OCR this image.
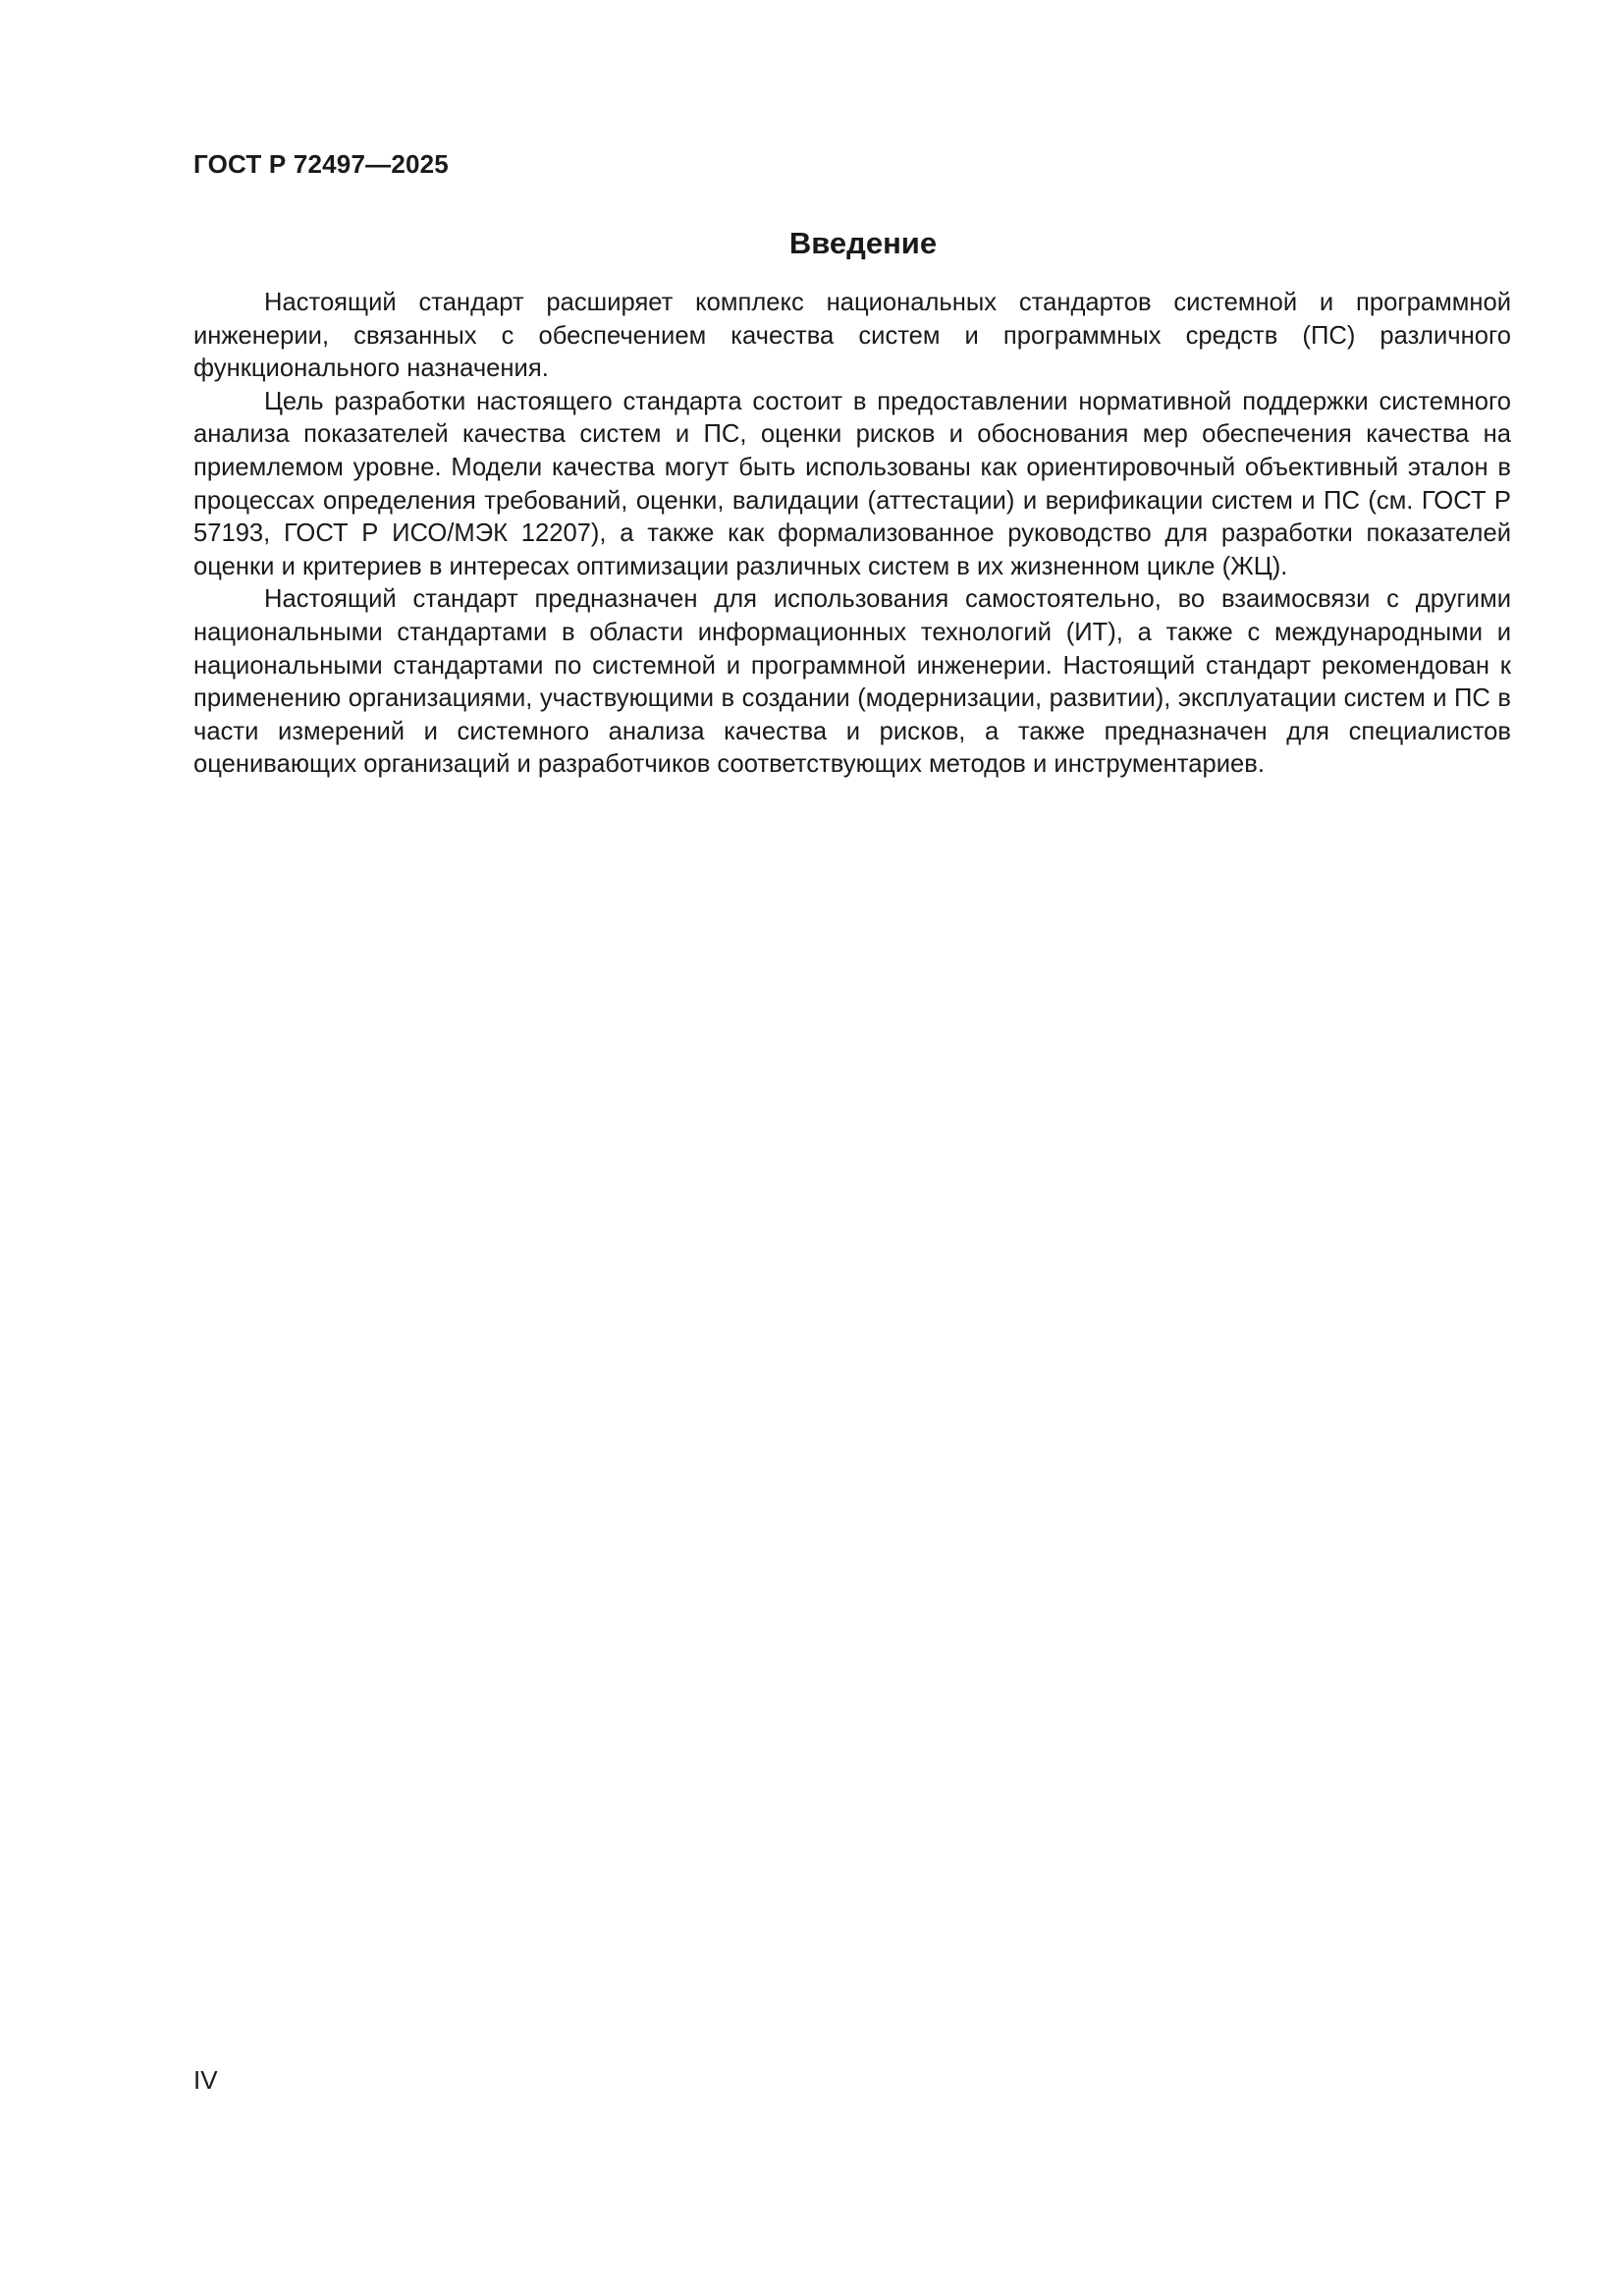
ГОСТ Р 72497—2025
Введение

Настоящий стандарт расширяет комплекс национальных стандартов системной и программной инженерии, связанных с обеспечением качества систем и программных средств (ПС) различного функционального назначения.

Цель разработки настоящего стандарта состоит в предоставлении нормативной поддержки системного анализа показателей качества систем и ПС, оценки рисков и обоснования мер обеспечения качества на приемлемом уровне. Модели качества могут быть использованы как ориентировочный объективный эталон в процессах определения требований, оценки, валидации (аттестации) и верификации систем и ПС (см. ГОСТ Р 57193, ГОСТ Р ИСО/МЭК 12207), а также как формализованное руководство для разработки показателей оценки и критериев в интересах оптимизации различных систем в их жизненном цикле (ЖЦ).

Настоящий стандарт предназначен для использования самостоятельно, во взаимосвязи с другими национальными стандартами в области информационных технологий (ИТ), а также с международными и национальными стандартами по системной и программной инженерии. Настоящий стандарт рекомендован к применению организациями, участвующими в создании (модернизации, развитии), эксплуатации систем и ПС в части измерений и системного анализа качества и рисков, а также предназначен для специалистов оценивающих организаций и разработчиков соответствующих методов и инструментариев.

IV
